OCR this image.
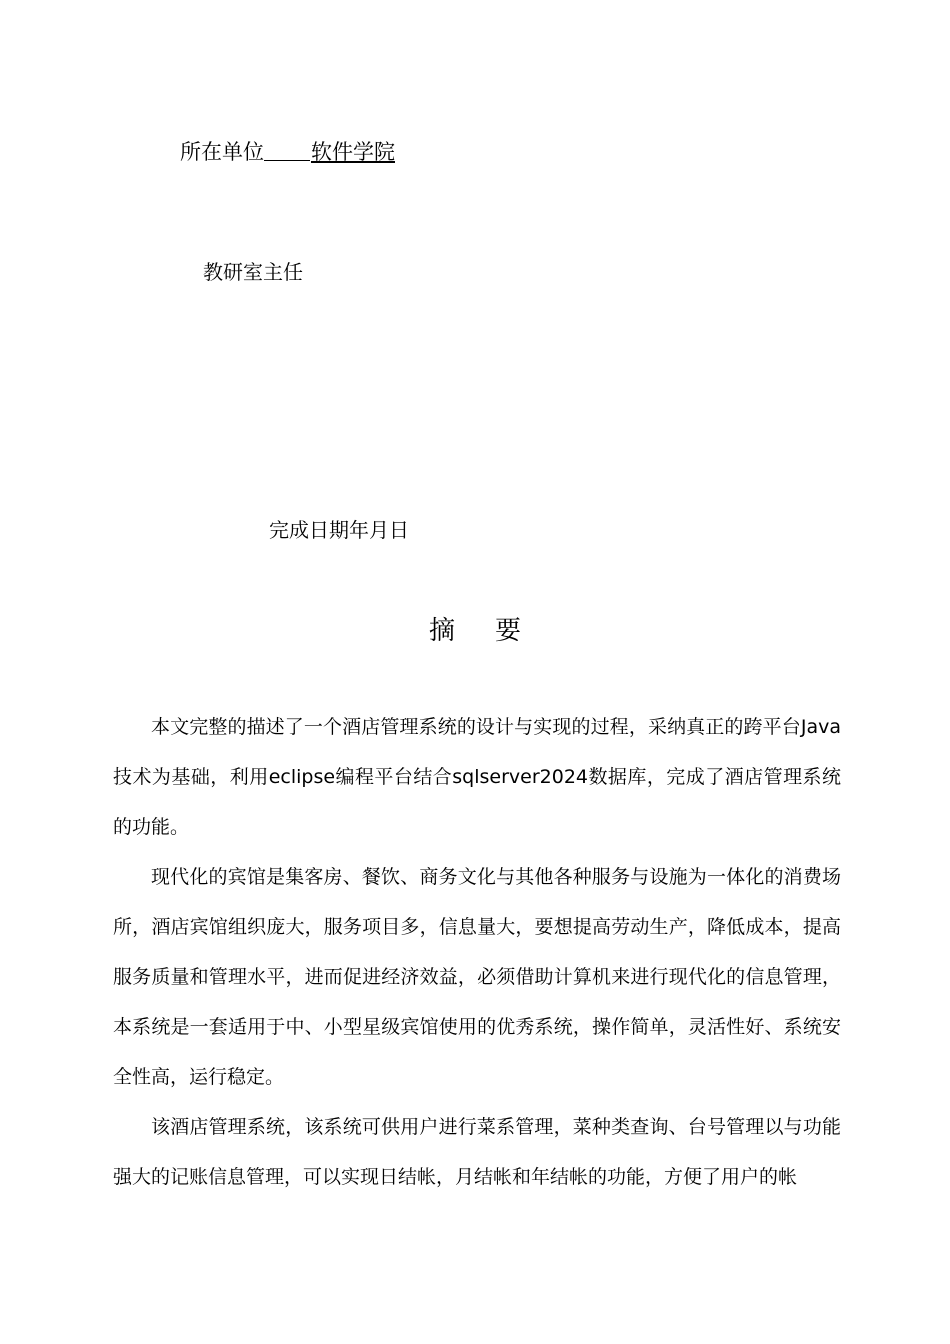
所在单位 软件学院
教研室主任
完成日期年月日
摘 要

本文完整的描述了一个酒店管理系统的设计与实现的过程，采纳真正的跨平台Java技术为基础，利用eclipse编程平台结合sqlserver2024数据库，完成了酒店管理系统的功能。

现代化的宾馆是集客房、餐饮、商务文化与其他各种服务与设施为一体化的消费场所，酒店宾馆组织庞大，服务项目多，信息量大，要想提高劳动生产，降低成本，提高服务质量和管理水平，进而促进经济效益，必须借助计算机来进行现代化的信息管理，本系统是一套适用于中、小型星级宾馆使用的优秀系统，操作简单，灵活性好、系统安全性高，运行稳定。

该酒店管理系统，该系统可供用户进行菜系管理，菜种类查询、台号管理以与功能强大的记账信息管理，可以实现日结帐，月结帐和年结帐的功能，方便了用户的帐
